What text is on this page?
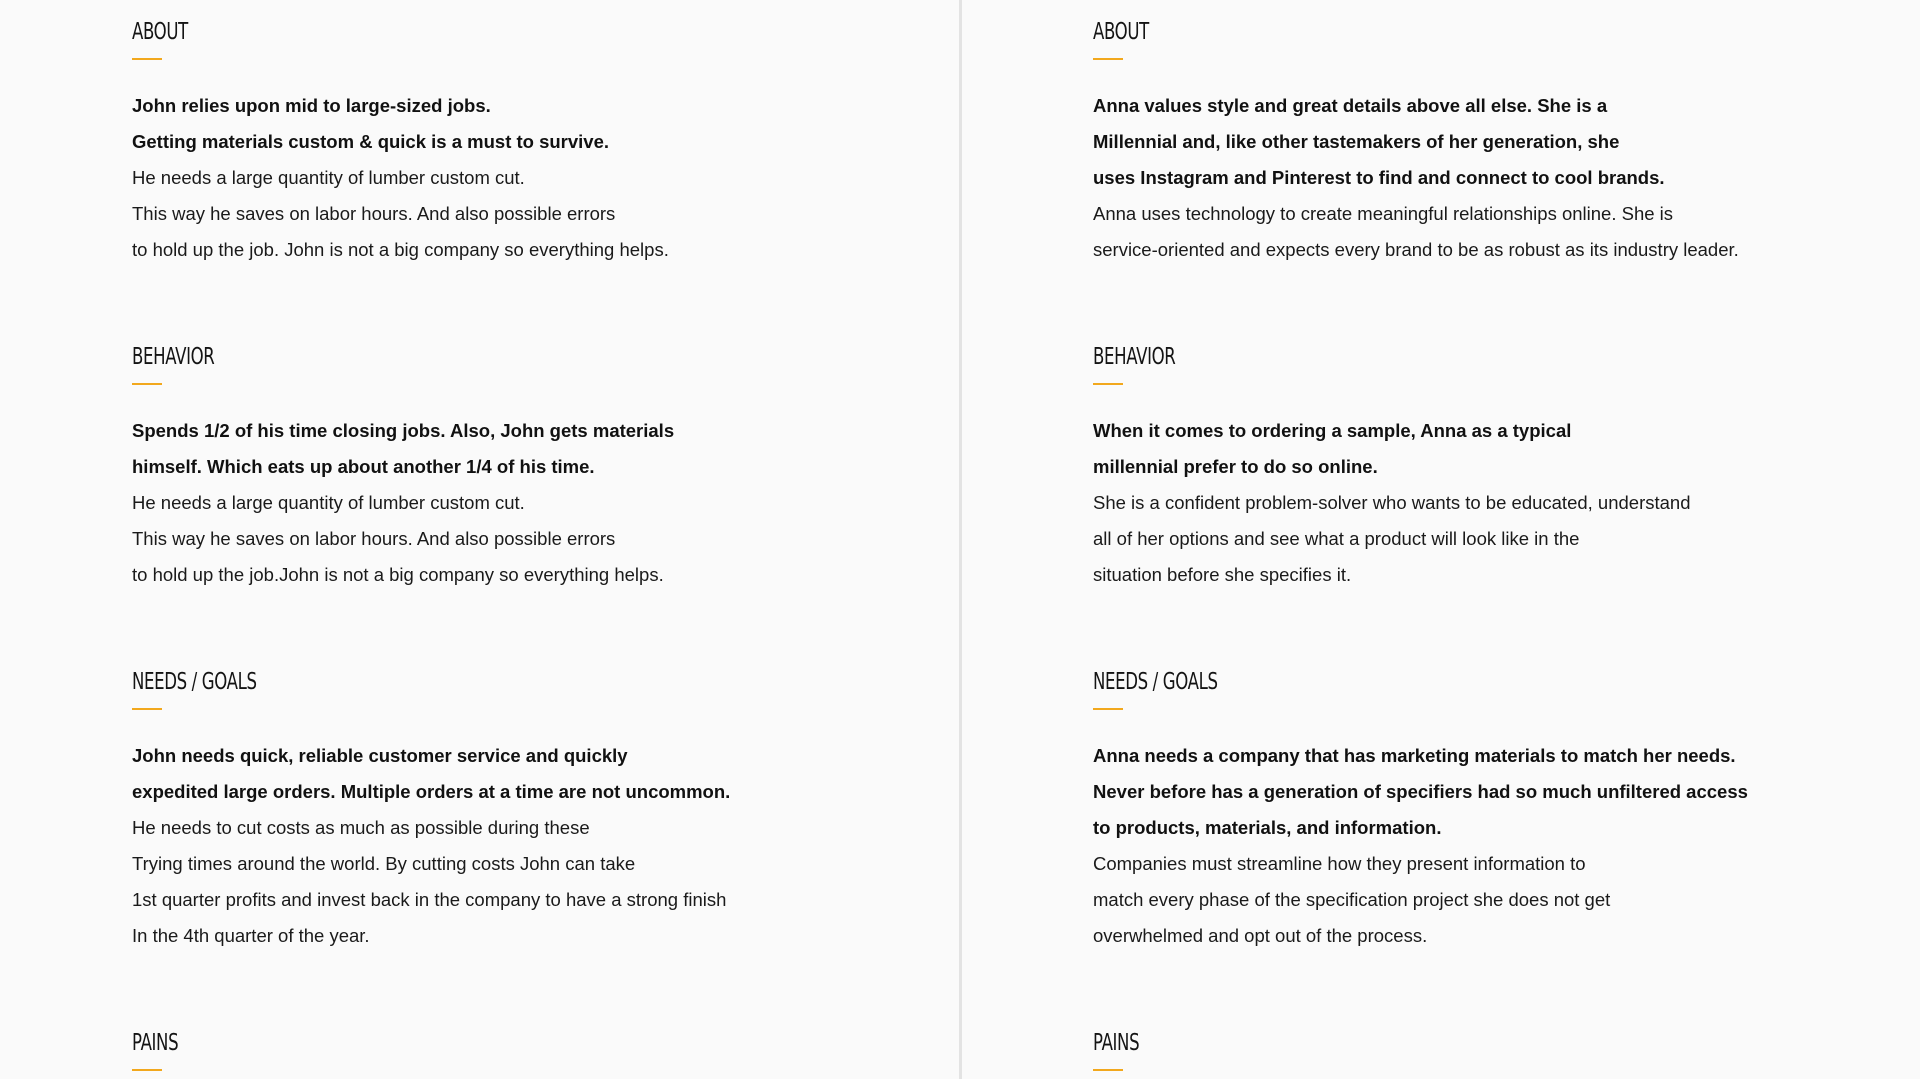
ABOUT
John relies upon mid to large-sized jobs.
Getting materials custom & quick is a must to survive.
He needs a large quantity of lumber custom cut.
This way he saves on labor hours. And also possible errors
to hold up the job. John is not a big company so everything helps.
BEHAVIOR
Spends 1/2 of his time closing jobs. Also, John gets materials
himself. Which eats up about another 1/4 of his time.
He needs a large quantity of lumber custom cut.
This way he saves on labor hours. And also possible errors
to hold up the job.John is not a big company so everything helps.
NEEDS / GOALS
John needs quick, reliable customer service and quickly
expedited large orders. Multiple orders at a time are not uncommon.
He needs to cut costs as much as possible during these
Trying times around the world. By cutting costs John can take
1st quarter profits and invest back in the company to have a strong finish
In the 4th quarter of the year.
PAINS
ABOUT
Anna values style and great details above all else. She is a
Millennial and, like other tastemakers of her generation, she
uses Instagram and Pinterest to find and connect to cool brands.
Anna uses technology to create meaningful relationships online. She is
service-oriented and expects every brand to be as robust as its industry leader.
BEHAVIOR
When it comes to ordering a sample, Anna as a typical
millennial prefer to do so online.
She is a confident problem-solver who wants to be educated, understand
all of her options and see what a product will look like in the
situation before she specifies it.
NEEDS / GOALS
Anna needs a company that has marketing materials to match her needs.
Never before has a generation of specifiers had so much unfiltered access
to products, materials, and information.
Companies must streamline how they present information to
match every phase of the specification project she does not get
overwhelmed and opt out of the process.
PAINS
